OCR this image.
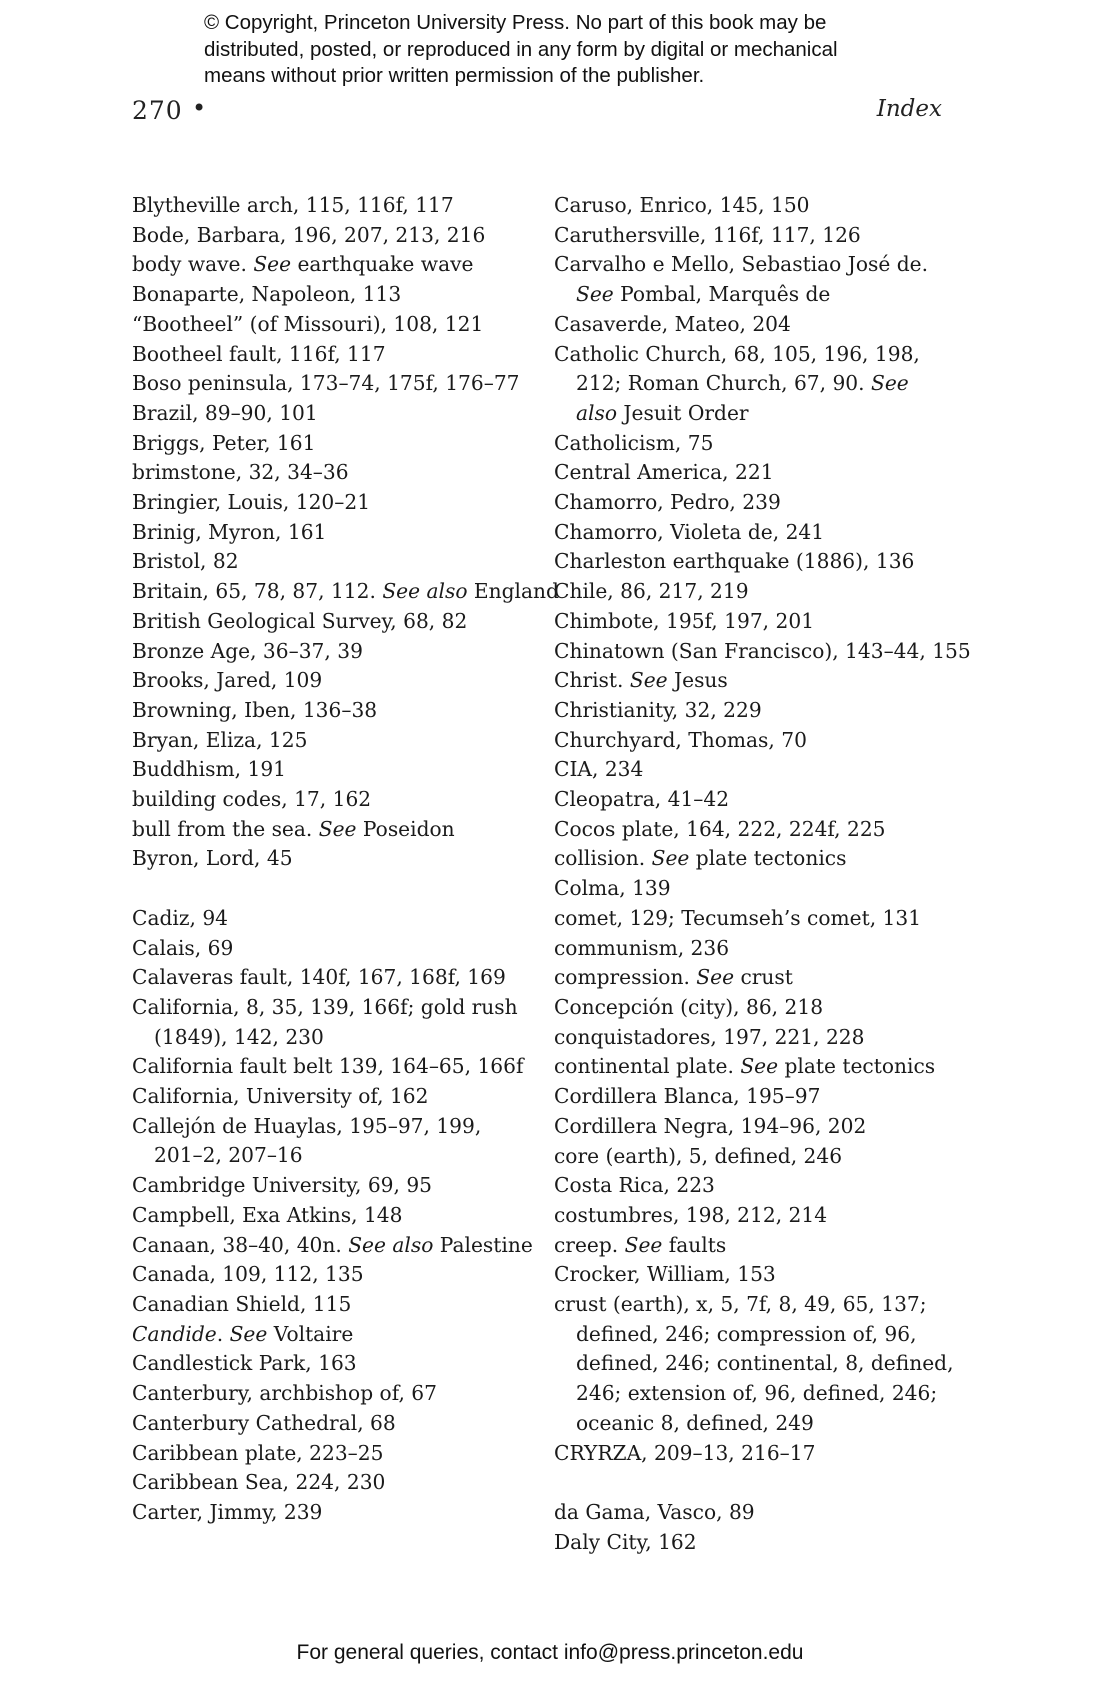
© Copyright, Princeton University Press. No part of this book may be
distributed, posted, or reproduced in any form by digital or mechanical
means without prior written permission of the publisher.
270 •	Index
Blytheville arch, 115, 116f, 117
Bode, Barbara, 196, 207, 213, 216
body wave. See earthquake wave
Bonaparte, Napoleon, 113
“Bootheel” (of Missouri), 108, 121
Bootheel fault, 116f, 117
Boso peninsula, 173–74, 175f, 176–77
Brazil, 89–90, 101
Briggs, Peter, 161
brimstone, 32, 34–36
Bringier, Louis, 120–21
Brinig, Myron, 161
Bristol, 82
Britain, 65, 78, 87, 112. See also England
British Geological Survey, 68, 82
Bronze Age, 36–37, 39
Brooks, Jared, 109
Browning, Iben, 136–38
Bryan, Eliza, 125
Buddhism, 191
building codes, 17, 162
bull from the sea. See Poseidon
Byron, Lord, 45
Cadiz, 94
Calais, 69
Calaveras fault, 140f, 167, 168f, 169
California, 8, 35, 139, 166f; gold rush (1849), 142, 230
California fault belt 139, 164–65, 166f
California, University of, 162
Callejón de Huaylas, 195–97, 199, 201–2, 207–16
Cambridge University, 69, 95
Campbell, Exa Atkins, 148
Canaan, 38–40, 40n. See also Palestine
Canada, 109, 112, 135
Canadian Shield, 115
Candide. See Voltaire
Candlestick Park, 163
Canterbury, archbishop of, 67
Canterbury Cathedral, 68
Caribbean plate, 223–25
Caribbean Sea, 224, 230
Carter, Jimmy, 239
Caruso, Enrico, 145, 150
Caruthersville, 116f, 117, 126
Carvalho e Mello, Sebastiao José de. See Pombal, Marquês de
Casaverde, Mateo, 204
Catholic Church, 68, 105, 196, 198, 212; Roman Church, 67, 90. See also Jesuit Order
Catholicism, 75
Central America, 221
Chamorro, Pedro, 239
Chamorro, Violeta de, 241
Charleston earthquake (1886), 136
Chile, 86, 217, 219
Chimbote, 195f, 197, 201
Chinatown (San Francisco), 143–44, 155
Christ. See Jesus
Christianity, 32, 229
Churchyard, Thomas, 70
CIA, 234
Cleopatra, 41–42
Cocos plate, 164, 222, 224f, 225
collision. See plate tectonics
Colma, 139
comet, 129; Tecumseh’s comet, 131
communism, 236
compression. See crust
Concepción (city), 86, 218
conquistadores, 197, 221, 228
continental plate. See plate tectonics
Cordillera Blanca, 195–97
Cordillera Negra, 194–96, 202
core (earth), 5, defined, 246
Costa Rica, 223
costumbres, 198, 212, 214
creep. See faults
Crocker, William, 153
crust (earth), x, 5, 7f, 8, 49, 65, 137; defined, 246; compression of, 96, defined, 246; continental, 8, defined, 246; extension of, 96, defined, 246; oceanic 8, defined, 249
CRYRZA, 209–13, 216–17
da Gama, Vasco, 89
Daly City, 162
For general queries, contact info@press.princeton.edu
